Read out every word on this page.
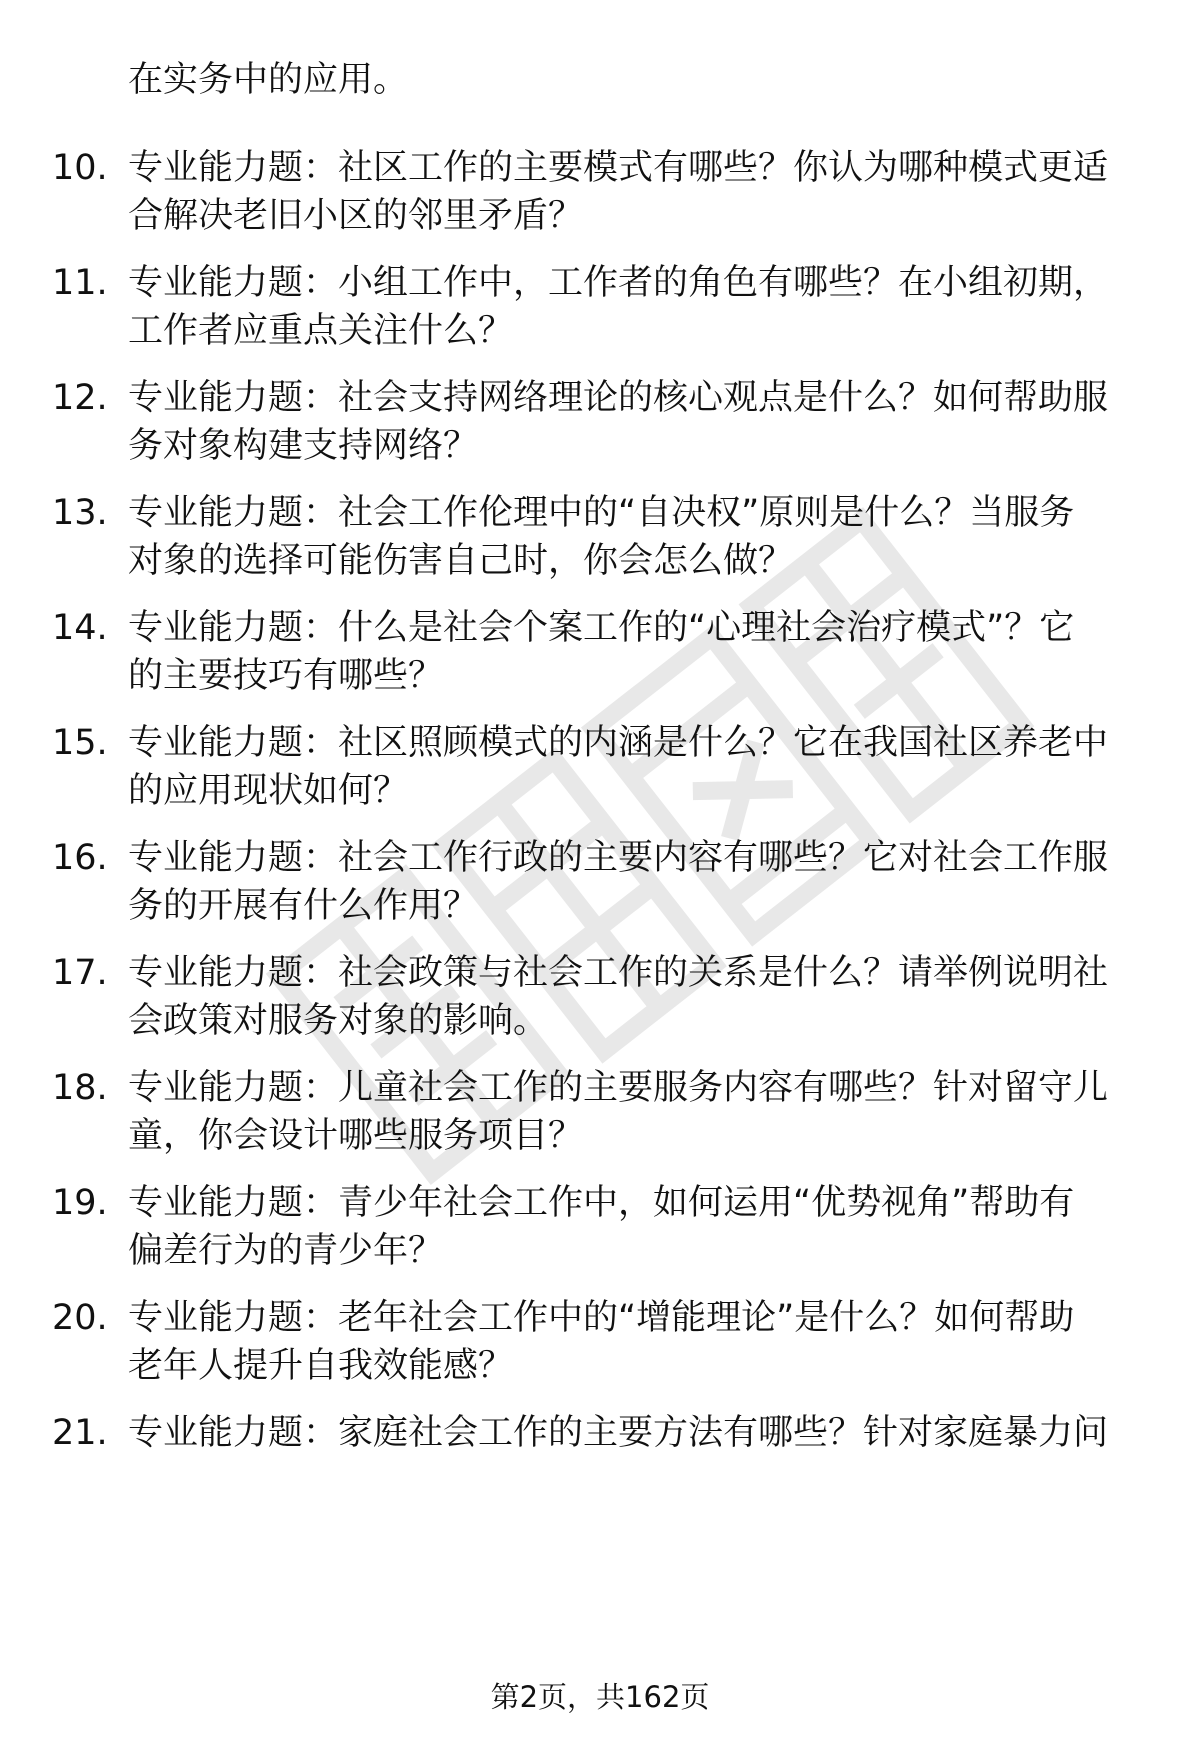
在实务中的应用。
10. 专业能力题：社区工作的主要模式有哪些？你认为哪种模式更适
合解决老旧小区的邻里矛盾？
11. 专业能力题：小组工作中，工作者的角色有哪些？在小组初期，
工作者应重点关注什么？
12. 专业能力题：社会支持网络理论的核心观点是什么？如何帮助服
务对象构建支持网络？
13. 专业能力题：社会工作伦理中的“自决权”原则是什么？当服务
对象的选择可能伤害自己时，你会怎么做？
14. 专业能力题：什么是社会个案工作的“心理社会治疗模式”？它
的主要技巧有哪些？
15. 专业能力题：社区照顾模式的内涵是什么？它在我国社区养老中
的应用现状如何？
16. 专业能力题：社会工作行政的主要内容有哪些？它对社会工作服
务的开展有什么作用？
17. 专业能力题：社会政策与社会工作的关系是什么？请举例说明社
会政策对服务对象的影响。
18. 专业能力题：儿童社会工作的主要服务内容有哪些？针对留守儿
童，你会设计哪些服务项目？
19. 专业能力题：青少年社会工作中，如何运用“优势视角”帮助有
偏差行为的青少年？
20. 专业能力题：老年社会工作中的“增能理论”是什么？如何帮助
老年人提升自我效能感？
21. 专业能力题：家庭社会工作的主要方法有哪些？针对家庭暴力问
第2页，共162页
